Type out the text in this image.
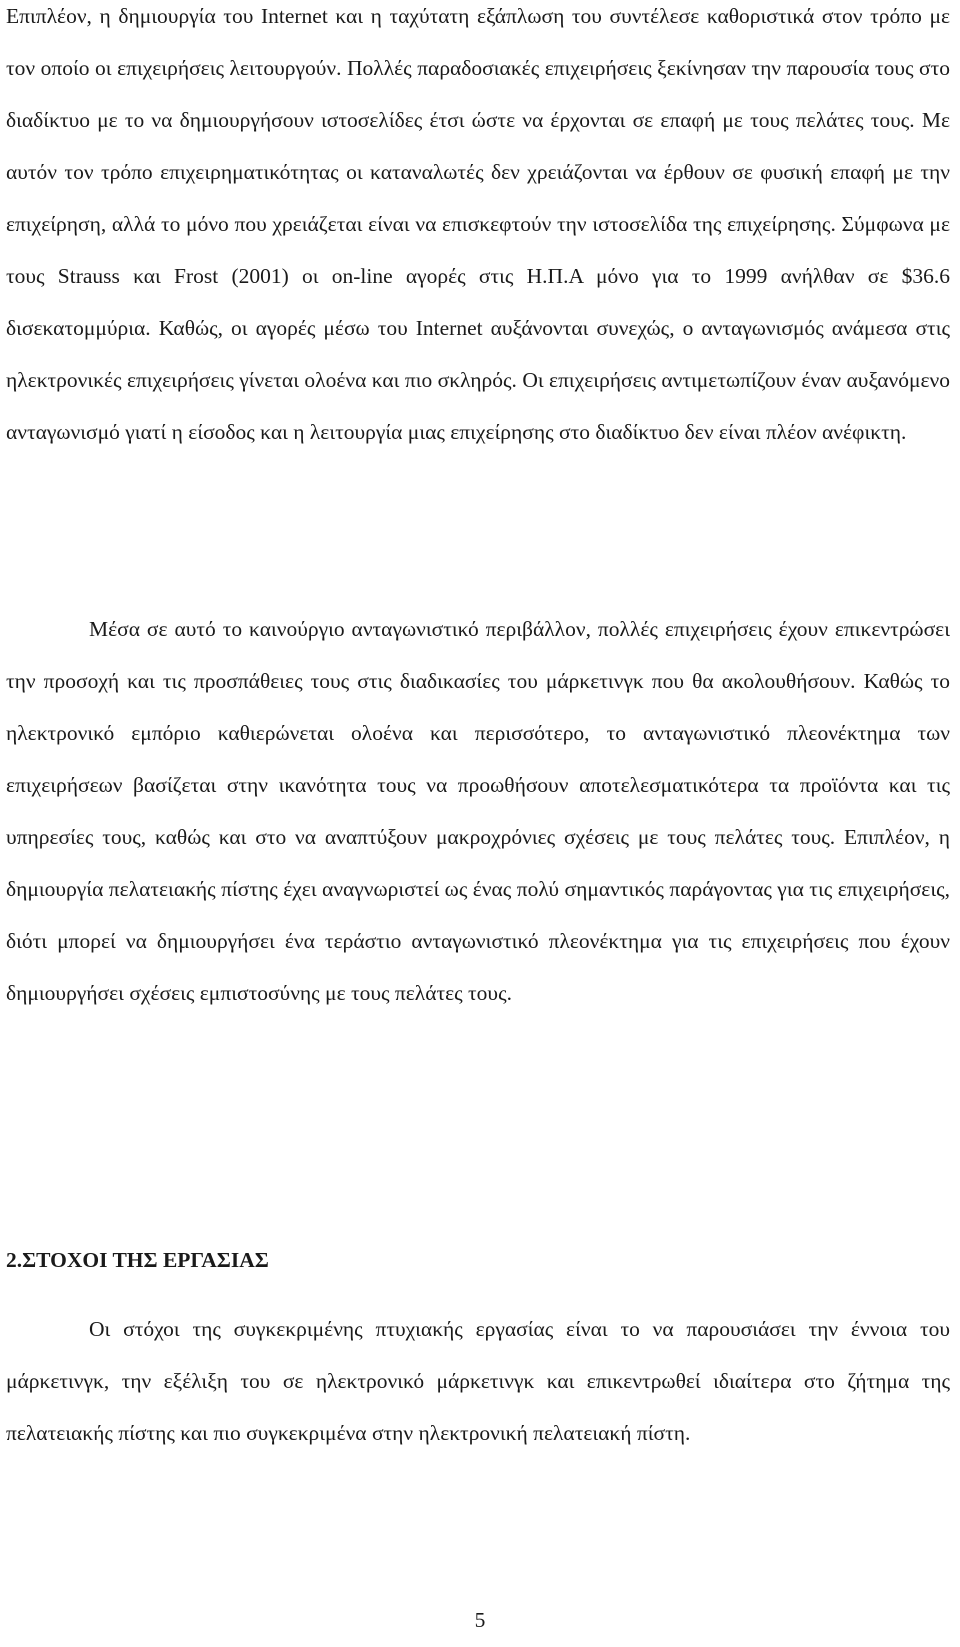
Επιπλέον, η δημιουργία του Internet και η ταχύτατη εξάπλωση του συντέλεσε καθοριστικά στον τρόπο με τον οποίο οι επιχειρήσεις λειτουργούν. Πολλές παραδοσιακές επιχειρήσεις ξεκίνησαν την παρουσία τους στο διαδίκτυο με το να δημιουργήσουν ιστοσελίδες έτσι ώστε να έρχονται σε επαφή με τους πελάτες τους. Με αυτόν τον τρόπο επιχειρηματικότητας οι καταναλωτές δεν χρειάζονται να έρθουν σε φυσική επαφή με την επιχείρηση, αλλά το μόνο που χρειάζεται είναι να επισκεφτούν την ιστοσελίδα της επιχείρησης. Σύμφωνα με τους Strauss και Frost (2001) οι on-line αγορές στις Η.Π.Α μόνο για το 1999 ανήλθαν σε $36.6 δισεκατομμύρια. Καθώς, οι αγορές μέσω του Internet αυξάνονται συνεχώς, ο ανταγωνισμός ανάμεσα στις ηλεκτρονικές επιχειρήσεις γίνεται ολοένα και πιο σκληρός. Οι επιχειρήσεις αντιμετωπίζουν έναν αυξανόμενο ανταγωνισμό γιατί η είσοδος και η λειτουργία μιας επιχείρησης στο διαδίκτυο δεν είναι πλέον ανέφικτη.

Μέσα σε αυτό το καινούργιο ανταγωνιστικό περιβάλλον, πολλές επιχειρήσεις έχουν επικεντρώσει την προσοχή και τις προσπάθειες τους στις διαδικασίες του μάρκετινγκ που θα ακολουθήσουν. Καθώς το ηλεκτρονικό εμπόριο καθιερώνεται ολοένα και περισσότερο, το ανταγωνιστικό πλεονέκτημα των επιχειρήσεων βασίζεται στην ικανότητα τους να προωθήσουν αποτελεσματικότερα τα προϊόντα και τις υπηρεσίες τους, καθώς και στο να αναπτύξουν μακροχρόνιες σχέσεις με τους πελάτες τους. Επιπλέον, η δημιουργία πελατειακής πίστης έχει αναγνωριστεί ως ένας πολύ σημαντικός παράγοντας για τις επιχειρήσεις, διότι μπορεί να δημιουργήσει ένα τεράστιο ανταγωνιστικό πλεονέκτημα για τις επιχειρήσεις που έχουν δημιουργήσει σχέσεις εμπιστοσύνης με τους πελάτες τους.

2.ΣΤΟΧΟΙ ΤΗΣ ΕΡΓΑΣΙΑΣ

Οι στόχοι της συγκεκριμένης πτυχιακής εργασίας είναι το να παρουσιάσει την έννοια του μάρκετινγκ, την εξέλιξη του σε ηλεκτρονικό μάρκετινγκ και επικεντρωθεί ιδιαίτερα στο ζήτημα της πελατειακής πίστης και πιο συγκεκριμένα στην ηλεκτρονική πελατειακή πίστη.

5
